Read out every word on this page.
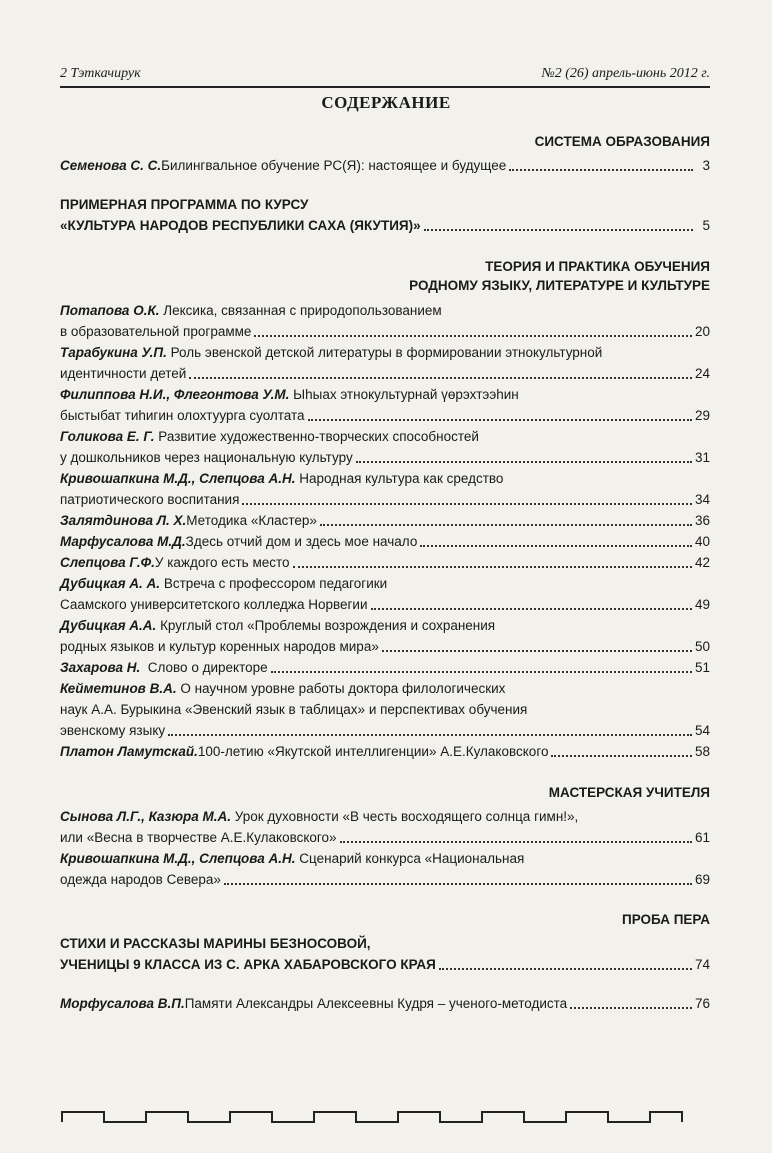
2 Тэткачирук	№2 (26) апрель-июнь 2012 г.
СОДЕРЖАНИЕ
СИСТЕМА ОБРАЗОВАНИЯ
Семенова С. С. Билингвальное обучение РС(Я): настоящее и будущее	3
ПРИМЕРНАЯ ПРОГРАММА ПО КУРСУ
«КУЛЬТУРА НАРОДОВ РЕСПУБЛИКИ САХА (ЯКУТИЯ)»	5
ТЕОРИЯ И ПРАКТИКА ОБУЧЕНИЯ
РОДНОМУ ЯЗЫКУ, ЛИТЕРАТУРЕ И КУЛЬТУРЕ
Потапова О.К. Лексика, связанная с природопользованием
в образовательной программе	20
Тарабукина У.П. Роль эвенской детской литературы в формировании этнокультурной
идентичности детей	24
Филиппова Н.И., Флегонтова У.М. Ыhыах этнокультурнай үөрэхтээhин
быстыбат тиhигин олохтуурга суолтата	29
Голикова Е. Г. Развитие художественно-творческих способностей
у дошкольников через национальную культуру	31
Кривошапкина М.Д., Слепцова А.Н. Народная культура как средство
патриотического воспитания	34
Залятдинова Л. Х. Методика «Кластер»	36
Марфусалова М.Д. Здесь отчий дом и здесь мое начало	40
Слепцова Г.Ф. У каждого есть место	42
Дубицкая А. А. Встреча с профессором педагогики
Саамского университетского колледжа Норвегии	49
Дубицкая А.А. Круглый стол «Проблемы возрождения и сохранения
родных языков и культур коренных народов мира»	50
Захарова Н. Слово о директоре	51
Кейметинов В.А. О научном уровне работы доктора филологических
наук А.А. Бурыкина «Эвенский язык в таблицах» и перспективах обучения
эвенскому языку	54
Платон Ламутскай. 100-летию «Якутской интеллигенции» А.Е.Кулаковского	58
МАСТЕРСКАЯ УЧИТЕЛЯ
Сынова Л.Г., Казюра М.А. Урок духовности «В честь восходящего солнца гимн!»,
или «Весна в творчестве А.Е.Кулаковского»	61
Кривошапкина М.Д., Слепцова А.Н. Сценарий конкурса «Национальная
одежда народов Севера»	69
ПРОБА ПЕРА
СТИХИ И РАССКАЗЫ МАРИНЫ БЕЗНОСОВОЙ,
УЧЕНИЦЫ 9 КЛАССА ИЗ С. АРКА ХАБАРОВСКОГО КРАЯ	74
Морфусалова В.П. Памяти Александры Алексеевны Кудря – ученого-методиста	76
